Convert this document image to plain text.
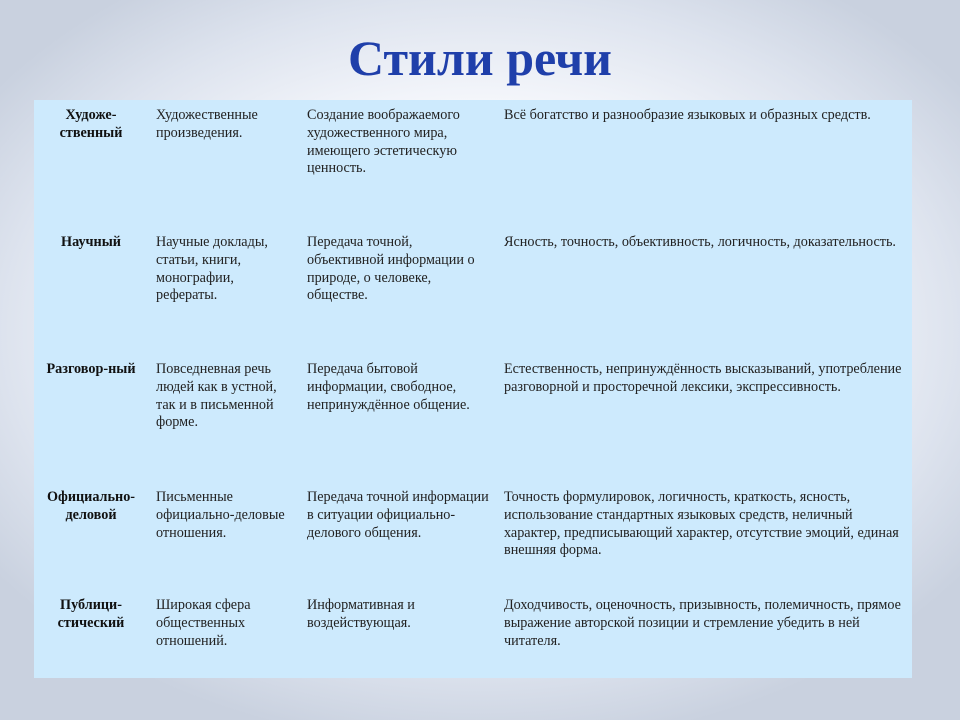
Стили речи
Художе-ственный	Художественные произведения.	Создание воображаемого художественного мира, имеющего эстетическую ценность.	Всё богатство и разнообразие языковых и образных средств.
Научный	Научные доклады, статьи, книги, монографии, рефераты.	Передача точной, объективной информации о природе, о человеке, обществе.	Ясность, точность, объективность, логичность, доказательность.
Разговор-ный	Повседневная речь людей как в устной, так и в письменной форме.	Передача бытовой информации, свободное, непринуждённое общение.	Естественность, непринуждённость высказываний, употребление разговорной и просторечной лексики, экспрессивность.
Официально-деловой	Письменные официально-деловые отношения.	Передача точной информации в ситуации официально-делового общения.	Точность формулировок, логичность, краткость, ясность, использование стандартных языковых средств, неличный характер, предписывающий характер, отсутствие эмоций, единая внешняя форма.
Публици-стический	Широкая сфера общественных отношений.	Информативная и воздействующая.	Доходчивость, оценочность, призывность, полемичность, прямое выражение авторской позиции и стремление убедить в ней читателя.
